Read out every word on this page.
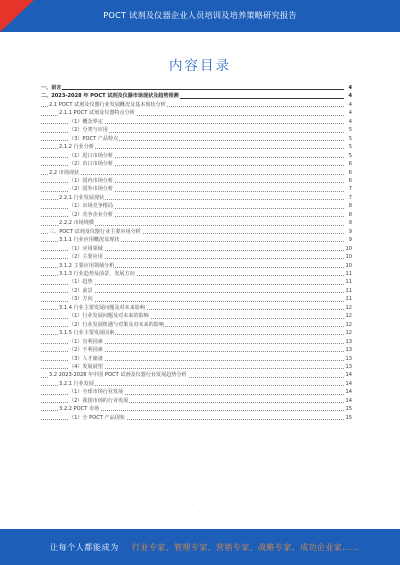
POCT 试剂及仪器企业人员培训及培养策略研究报告
内容目录
一、前言	4
二、2023-2028 年 POCT 试剂及仪器市场现状及趋势预测	4
2.1 POCT 试剂及仪器行业发展概况及基本现状分析	4
2.1.1 POCT 试剂及仪器特点分析	4
（1）概念界定	4
（2）分类与应用	5
（3）POCT 产品特点	5
2.1.2 行业分析	5
（1）进口市场分析	5
（2）出口市场分析	6
2.2 市场现状	6
（1）国内市场分析	6
（2）国外市场分析	7
2.2.1 行业发展现状	7
（1）市场竞争格局	8
（2）竞争企业分析	8
2.2.2 市场规模	9
三、POCT 试剂及仪器行业主要应用分析	9
3.1.1 行业应用概况及现状	9
（1）应用领域	10
（2）主要应用	10
3.1.2 主要应用领域分析	10
3.1.3 行业趋势及前景，发展方向	11
（1）趋势	11
（2）前景	11
（3）方向	11
3.1.4 行业主要发展问题及对未来影响	12
（1）行业发展问题及对未来的影响	12
（2）行业发展机遇与对策及对未来的影响	12
3.1.5 行业主要发展因素	12
（1）有利因素	13
（2）不利因素	13
（3）人才储备	13
（4）发展展望	13
3.2 2023-2028 年中国 POCT 试剂及仪器行业发展趋势分析	14
3.2.1 行业发展	14
（1）全球市场行业发展	14
（2）我国市场的行业发展	14
3.2.2 POCT 市场	15
（1）全 POCT 产品现状	15
·
让每个人都能成为 行业专家、管理专家、营销专家、战略专家、成功企业家……
